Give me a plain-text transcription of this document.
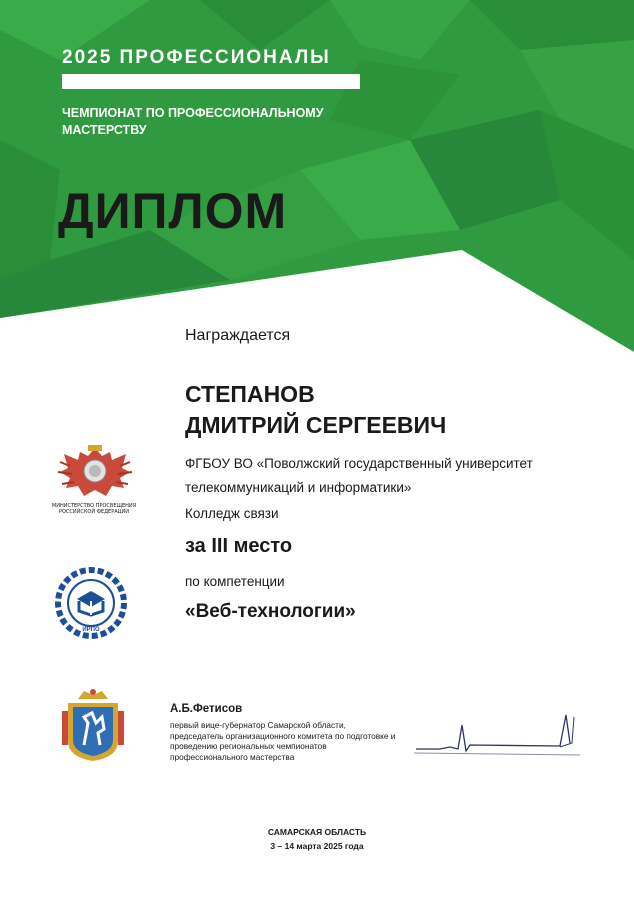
2025 ПРОФЕССИОНАЛЫ
ЧЕМПИОНАТ ПО ПРОФЕССИОНАЛЬНОМУ МАСТЕРСТВУ
ДИПЛОМ
Награждается
СТЕПАНОВ
ДМИТРИЙ СЕРГЕЕВИЧ
ФГБОУ ВО «Поволжский государственный университет телекоммуникаций и информатики»
Колледж связи
за III место
по компетенции
«Веб-технологии»
МИНИСТЕРСТВО ПРОСВЕЩЕНИЯ РОССИЙСКОЙ ФЕДЕРАЦИИ
ИРПО
А.Б.Фетисов
первый вице-губернатор Самарской области, председатель организационного комитета по подготовке и проведению региональных чемпионатов профессионального мастерства
САМАРСКАЯ ОБЛАСТЬ
3 – 14 марта 2025 года
